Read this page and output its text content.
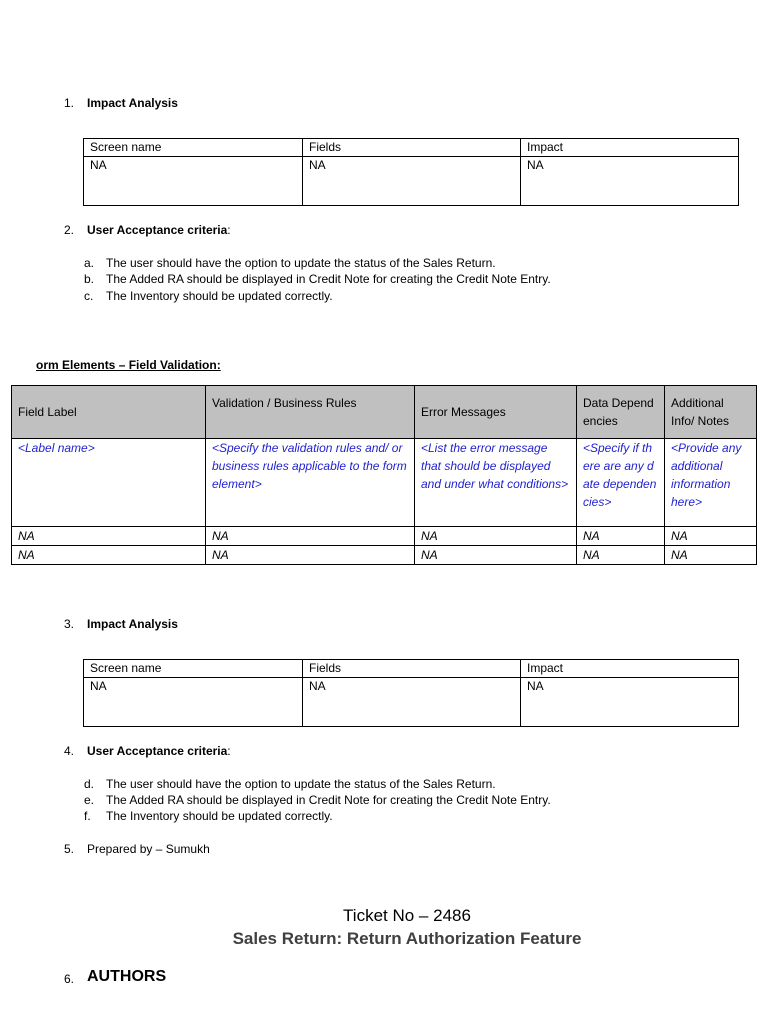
1. Impact Analysis
Screen name	Fields	Impact
NA	NA	NA
2. User Acceptance criteria:
a. The user should have the option to update the status of the Sales Return.
b. The Added RA should be displayed in Credit Note for creating the Credit Note Entry.
c. The Inventory should be updated correctly.
orm Elements – Field Validation:
Field Label	Validation / Business Rules	Error Messages	Data Dependencies	Additional Info/ Notes
<Label name>	<Specify the validation rules and/ or business rules applicable to the form element>	<List the error message that should be displayed and under what conditions>	<Specify if there are any date dependencies>	<Provide any additional information here>
NA	NA	NA	NA	NA
NA	NA	NA	NA	NA
3. Impact Analysis
Screen name	Fields	Impact
NA	NA	NA
4. User Acceptance criteria:
d. The user should have the option to update the status of the Sales Return.
e. The Added RA should be displayed in Credit Note for creating the Credit Note Entry.
f. The Inventory should be updated correctly.
5. Prepared by – Sumukh
Ticket No – 2486
Sales Return: Return Authorization Feature
6. AUTHORS
